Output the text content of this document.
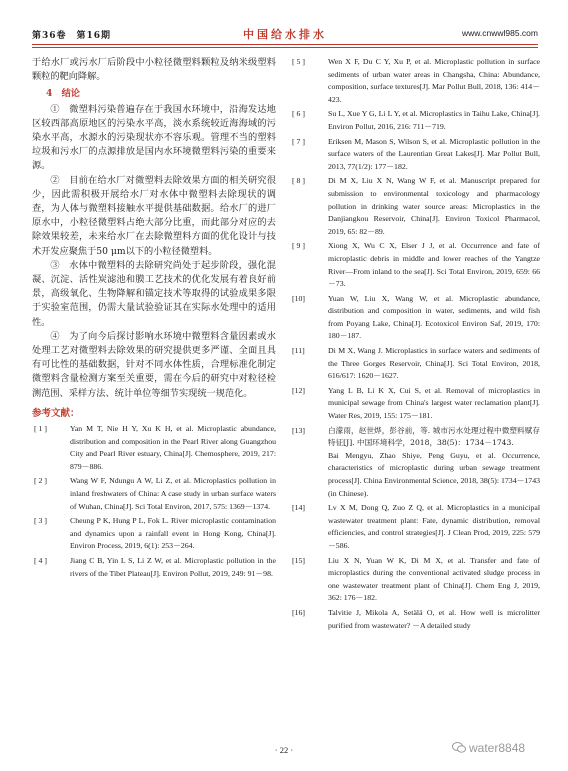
第36卷　第16期	中国给水排水	www.cnwwl985.com

于给水厂或污水厂后阶段中小粒径微塑料颗粒及纳米级塑料颗粒的靶向降解。

4　结论

①　微塑料污染普遍存在于我国水环境中，沿海发达地区较西部高原地区的污染水平高，淡水系统较近海海域的污染水平高，水源水的污染现状亦不容乐观。管理不当的塑料垃圾和污水厂的点源排放是国内水环境微塑料污染的重要来源。

②　目前在给水厂对微塑料去除效果方面的相关研究很少，因此需积极开展给水厂对水体中微塑料去除现状的调查，为人体与微塑料接触水平提供基础数据。给水厂的进厂原水中，小粒径微塑料占绝大部分比重，而此部分对应的去除效果较差，未来给水厂在去除微塑料方面的优化设计与技术开发应聚焦于50 μm以下的小粒径微塑料。

③　水体中微塑料的去除研究尚处于起步阶段，强化混凝、沉淀、活性炭滤池和膜工艺技术的优化发展有着良好前景，高级氧化、生物降解和锚定技术等取得的试验成果多限于实验室范围，仍需大量试验验证其在实际水处理中的适用性。

④　为了向今后探讨影响水环境中微塑料含量因素或水处理工艺对微塑料去除效果的研究提供更多严谨、全面且具有可比性的基础数据，针对不同水体性质，合理标准化制定微塑料含量检测方案至关重要，需在今后的研究中对粒径检测范围、采样方法、统计单位等细节实现统一规范化。

参考文献：
[ 1 ]	Yan M T, Nie H Y, Xu K H, et al. Microplastic abundance, distribution and composition in the Pearl River along Guangzhou City and Pearl River estuary, China[J]. Chemosphere, 2019, 217: 879－886.
[ 2 ]	Wang W F, Ndungu A W, Li Z, et al. Microplastics pollution in inland freshwaters of China: A case study in urban surface waters of Wuhan, China[J]. Sci Total Environ, 2017, 575: 1369－1374.
[ 3 ]	Cheung P K, Hung P L, Fok L. River microplastic contamination and dynamics upon a rainfall event in Hong Kong, China[J]. Environ Process, 2019, 6(1): 253－264.
[ 4 ]	Jiang C B, Yin L S, Li Z W, et al. Microplastic pollution in the rivers of the Tibet Plateau[J]. Environ Pollut, 2019, 249: 91－98.
[ 5 ]	Wen X F, Du C Y, Xu P, et al. Microplastic pollution in surface sediments of urban water areas in Changsha, China: Abundance, composition, surface textures[J]. Mar Pollut Bull, 2018, 136: 414－423.
[ 6 ]	Su L, Xue Y G, Li L Y, et al. Microplastics in Taihu Lake, China[J]. Environ Pollut, 2016, 216: 711－719.
[ 7 ]	Eriksen M, Mason S, Wilson S, et al. Microplastic pollution in the surface waters of the Laurentian Great Lakes[J]. Mar Pollut Bull, 2013, 77(1/2): 177－182.
[ 8 ]	Di M X, Liu X N, Wang W F, et al. Manuscript prepared for submission to environmental toxicology and pharmacology pollution in drinking water source areas: Microplastics in the Danjiangkou Reservoir, China[J]. Environ Toxicol Pharmacol, 2019, 65: 82－89.
[ 9 ]	Xiong X, Wu C X, Elser J J, et al. Occurrence and fate of microplastic debris in middle and lower reaches of the Yangtze River—From inland to the sea[J]. Sci Total Environ, 2019, 659: 66－73.
[10]	Yuan W, Liu X, Wang W, et al. Microplastic abundance, distribution and composition in water, sediments, and wild fish from Poyang Lake, China[J]. Ecotoxicol Environ Saf, 2019, 170: 180－187.
[11]	Di M X, Wang J. Microplastics in surface waters and sediments of the Three Gorges Reservoir, China[J]. Sci Total Environ, 2018, 616/617: 1620－1627.
[12]	Yang L B, Li K X, Cui S, et al. Removal of microplastics in municipal sewage from China's largest water reclamation plant[J]. Water Res, 2019, 155: 175－181.
[13]	白濛雨，赵世烨，彭谷前，等. 城市污水处理过程中微塑料赋存特征[J]. 中国环境科学，2018，38(5)：1734－1743.
Bai Mengyu, Zhao Shiye, Peng Guyu, et al. Occurrence, characteristics of microplastic during urban sewage treatment process[J]. China Environmental Science, 2018, 38(5): 1734－1743 (in Chinese).
[14]	Lv X M, Dong Q, Zuo Z Q, et al. Microplastics in a municipal wastewater treatment plant: Fate, dynamic distribution, removal efficiencies, and control strategies[J]. J Clean Prod, 2019, 225: 579－586.
[15]	Liu X N, Yuan W K, Di M X, et al. Transfer and fate of microplastics during the conventional activated sludge process in one wastewater treatment plant of China[J]. Chem Eng J, 2019, 362: 176－182.
[16]	Talvitie J, Mikola A, Setälä O, et al. How well is microlitter purified from wastewater? －A detailed study
· 22 ·	water8848
